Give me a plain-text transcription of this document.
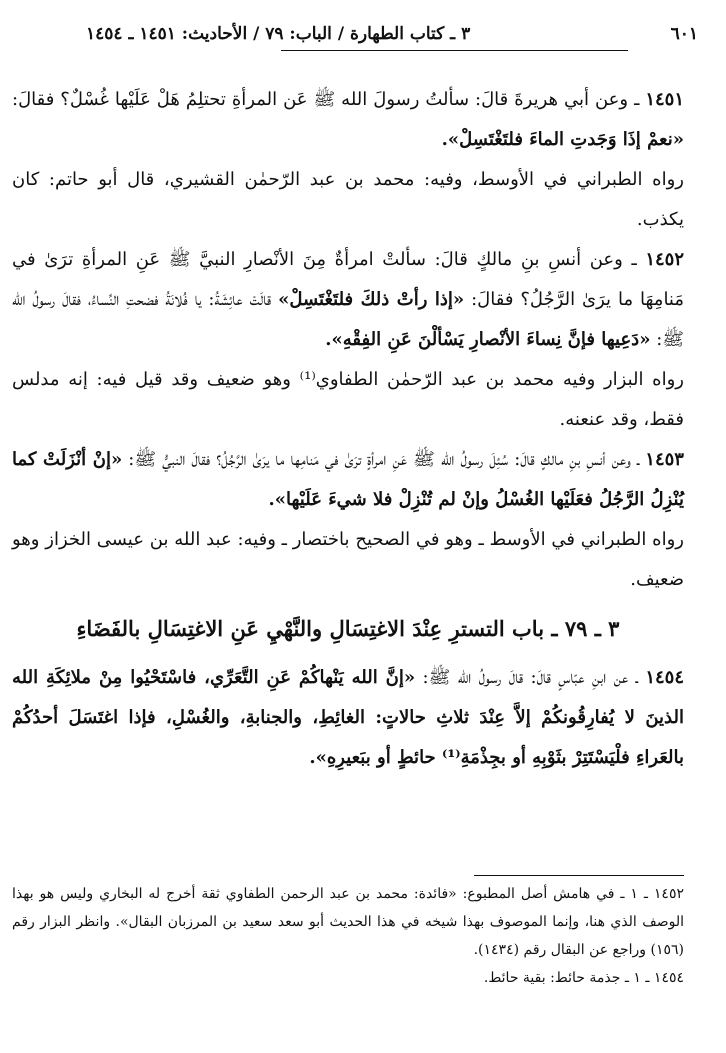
٦٠١
٣ ـ كتاب الطهارة / الباب: ٧٩ / الأحاديث: ١٤٥١ ـ ١٤٥٤

١٤٥١ ـ وعن أبي هريرةَ قالَ: سألتُ رسولَ الله ﷺ عَن المرأةِ تحتلِمُ هَلْ عَلَيْها غُسْلٌ؟ فقالَ: «نعمْ إذَا وَجَدتِ الماءَ فلتَغْتَسِلْ».

رواه الطبراني في الأوسط، وفيه: محمد بن عبد الرّحمٰن القشيري، قال أبو حاتم: كان يكذب.

١٤٥٢ ـ وعن أنسِ بنِ مالكٍ قالَ: سألتْ امرأةٌ مِنَ الأنْصارِ النبيَّ ﷺ عَنِ المرأةِ ترَىٰ في مَنامِهَا ما يرَىٰ الرَّجُلُ؟ فقالَ: «إذا رأتْ ذلكَ فلتَغْتَسِلْ» قالَتْ عائِشَةُ: يا فُلانَةُ فضحتِ النِّساءُ، فقالَ رسولُ الله ﷺ: «دَعِيها فإنَّ نِساءَ الأنْصارِ يَسْألْنَ عَنِ الفِقْهِ».

رواه البزار وفيه محمد بن عبد الرّحمٰن الطفاوي⁽¹⁾ وهو ضعيف وقد قيل فيه: إنه مدلس فقط، وقد عنعنه.

١٤٥٣ ـ وعن أنسِ بنِ مالكٍ قالَ: سُئِلَ رسولُ الله ﷺ عَنِ امرأةٍ ترَىٰ في مَنامِها ما يرَىٰ الرَّجُلُ؟ فقالَ النبيُّ ﷺ: «إنْ أنْزَلَتْ كما يُنْزِلُ الرَّجُلُ فعَلَيْها الغُسْلُ وإنْ لم تُنْزِلْ فلا شيءَ عَلَيْها».

رواه الطبراني في الأوسط ـ وهو في الصحيح باختصار ـ وفيه: عبد الله بن عيسى الخزاز وهو ضعيف.

٣ ـ ٧٩ ـ باب التسترِ عِنْدَ الاغتِسَالِ والنَّهْيِ عَنِ الاغتِسَالِ بالفَضَاءِ

١٤٥٤ ـ عن ابنِ عبّاسٍ قالَ: قالَ رسولُ الله ﷺ: «إنَّ الله يَنْهاكُمْ عَنِ التَّعَرِّي، فاسْتَحْيُوا مِنْ ملائِكَةِ الله الذينَ لا يُفارِقُونكُمْ إلاَّ عِنْدَ ثلاثِ حالاتٍ: الغائِطِ، والجنابةِ، والغُسْلِ، فإذا اغتَسَلَ أحدُكُمْ بالعَراءِ فلْيَسْتَتِرْ بثَوْبِهِ أو بجِذْمَةِ⁽¹⁾ حائطٍ أو ببَعيرِهِ».

١٤٥٢ ـ ١ ـ في هامش أصل المطبوع: «فائدة: محمد بن عبد الرحمن الطفاوي ثقة أخرج له البخاري وليس هو بهذا الوصف الذي هنا، وإنما الموصوف بهذا شيخه في هذا الحديث أبو سعد سعيد بن المرزبان البقال». وانظر البزار رقم (١٥٦) وراجع عن البقال رقم (١٤٣٤).

١٤٥٤ ـ ١ ـ جذمة حائط: بقية حائط.
